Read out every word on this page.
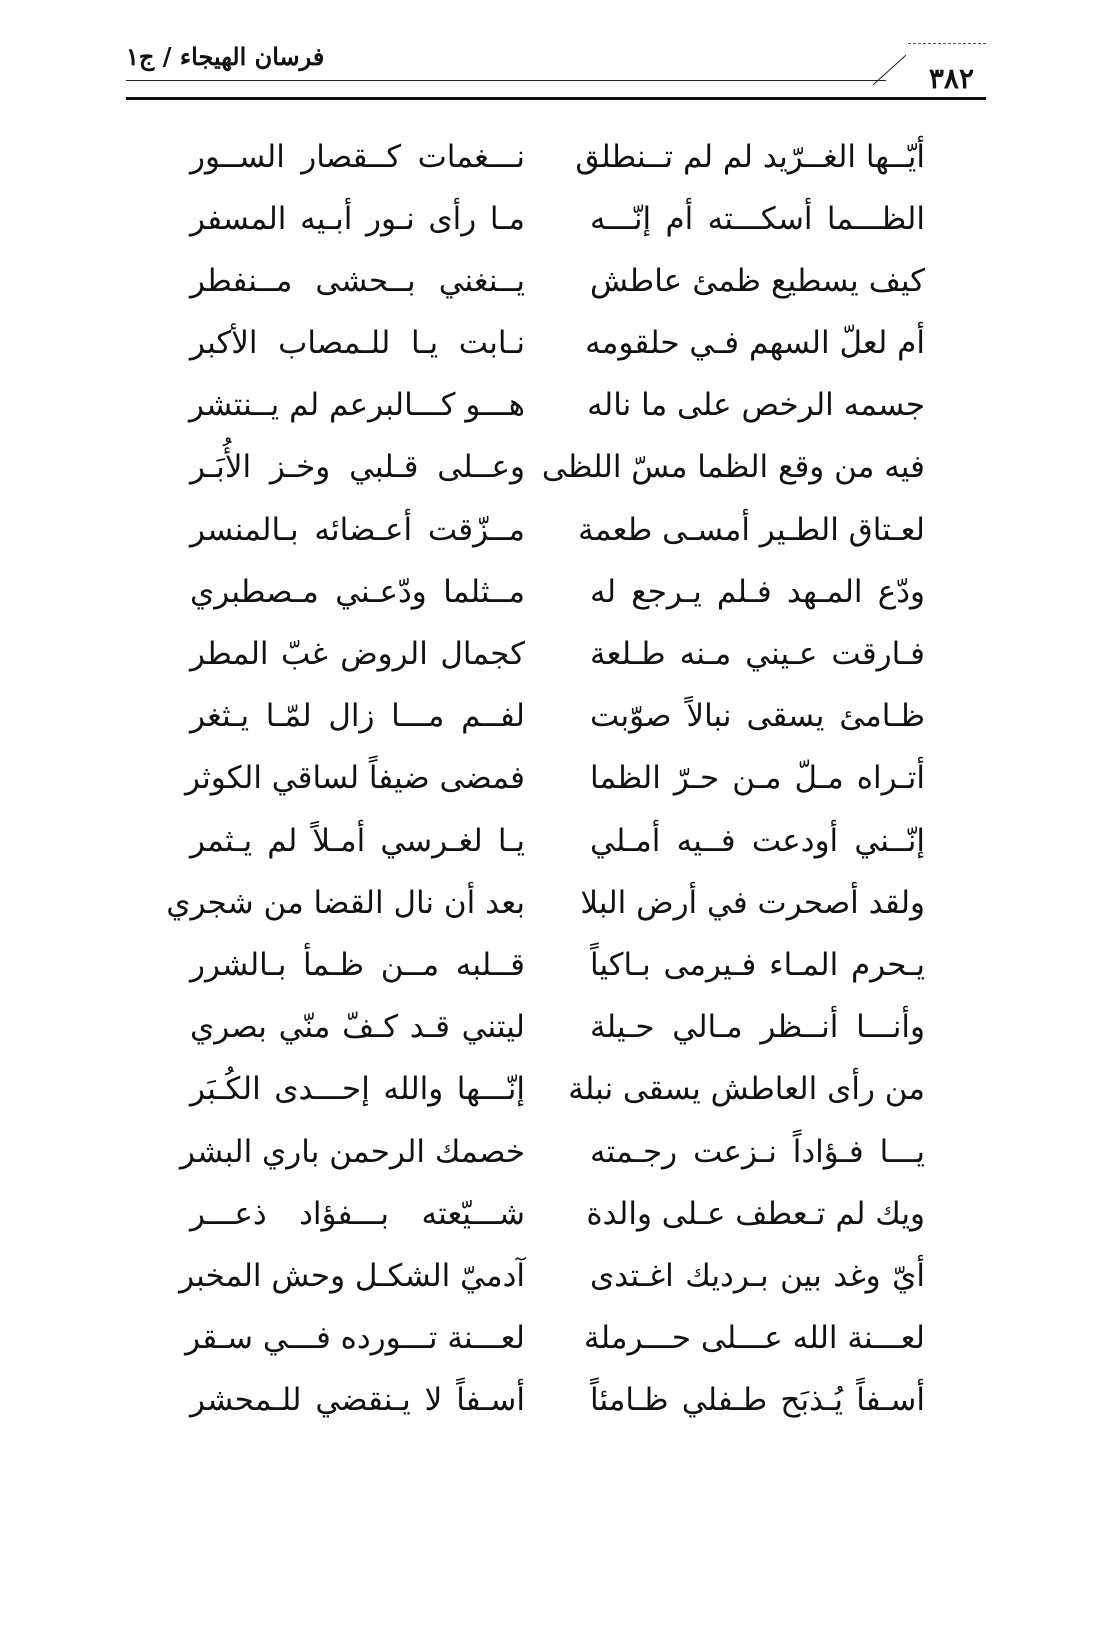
فرسان الهيجاء / ج١
٣٨٢
أيّــها الغــرّيد لم لم تــنطلق
نـــغمات كــقصار الســور
الظـــما أسكـــته أم إنّـــه
مـا رأى نـور أبـيه المسفر
كيف يسطيع ظمئ عاطش
يــنغني بــحشى مــنفطر
أم لعلّ السهم فـي حلقومه
نـابت يـا للـمصاب الأكبر
جسمه الرخص على ما ناله
هـــو كـــالبرعم لم يــنتشر
فيه من وقع الظما مسّ اللظى
وعــلى قـلبي وخـز الأُبَـر
لعـتاق الطـير أمسـى طعمة
مــزّقت أعـضائه بـالمنسر
ودّع المـهد فـلم يـرجع له
مــثلما ودّعـني مـصطبري
فـارقت عـيني مـنه طـلعة
كجمال الروض غبّ المطر
ظـامئ يسقى نبالاً صوّبت
لفــم مـــا زال لمّـا يـثغر
أتـراه مـلّ مـن حـرّ الظما
فمضى ضيفاً لساقي الكوثر
إنّــني أودعت فــيه أمـلي
يـا لغـرسي أمـلاً لم يـثمر
ولقد أصحرت في أرض البلا
بعد أن نال القضا من شجري
يـحرم المـاء فـيرمى بـاكياً
قــلبه مــن ظـمأ بـالشرر
وأنـــا أنــظر مـالي حـيلة
ليتني قـد كـفّ منّي بصري
من رأى العاطش يسقى نبلة
إنّـــها والله إحـــدى الكُـبَر
يـــا فـؤاداً نـزعت رجـمته
خصمك الرحمن باري البشر
ويك لم تـعطف عـلى والدة
شـــيّعته بـــفؤاد ذعـــر
أيّ وغد بين بـرديك اغـتدى
آدميّ الشكـل وحش المخبر
لعـــنة الله عـــلى حـــرملة
لعـــنة تـــورده فـــي سـقر
أسـفاً يُـذبَح طـفلي ظـامئاً
أسـفاً لا يـنقضي للـمحشر
